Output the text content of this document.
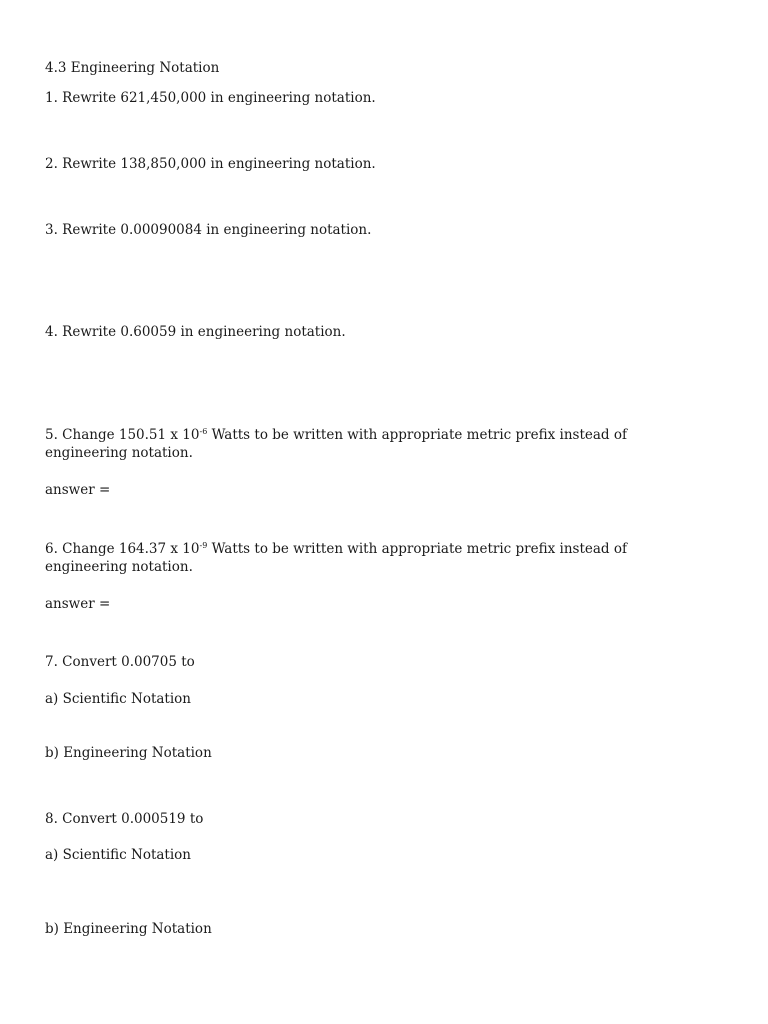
4.3 Engineering Notation
1. Rewrite 621,450,000 in engineering notation.
2. Rewrite 138,850,000 in engineering notation.
3. Rewrite 0.00090084 in engineering notation.
4. Rewrite 0.60059 in engineering notation.
5. Change 150.51 x $10^{-6}$ Watts to be written with appropriate metric prefix instead of engineering notation.
answer =
6. Change 164.37 x $10^{-9}$ Watts to be written with appropriate metric prefix instead of engineering notation.
answer =
7. Convert 0.00705 to
a) Scientific Notation
b) Engineering Notation
8. Convert 0.000519 to
a) Scientific Notation
b) Engineering Notation
